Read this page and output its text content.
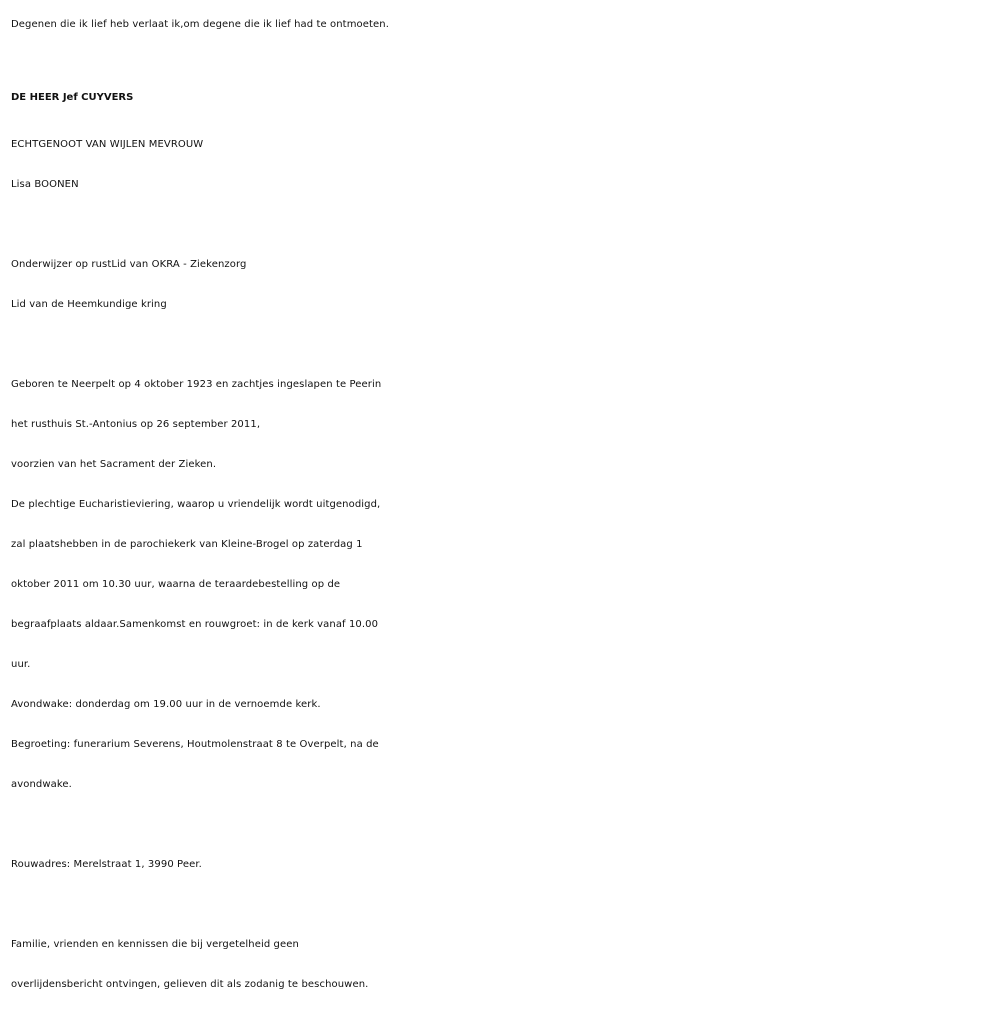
Degenen die ik lief heb verlaat ik,om degene die ik lief had te ontmoeten.
DE HEER Jef CUYVERS
ECHTGENOOT VAN WIJLEN MEVROUW
Lisa BOONEN
Onderwijzer op rustLid van OKRA - Ziekenzorg
Lid van de Heemkundige kring
Geboren te Neerpelt op 4 oktober 1923 en zachtjes ingeslapen te Peerin
het rusthuis St.-Antonius op 26 september 2011,
voorzien van het Sacrament der Zieken.
De plechtige Eucharistieviering, waarop u vriendelijk wordt uitgenodigd,
zal plaatshebben in de parochiekerk van Kleine-Brogel op zaterdag 1
oktober 2011 om 10.30 uur, waarna de teraardebestelling op de
begraafplaats aldaar.Samenkomst en rouwgroet: in de kerk vanaf 10.00
uur.
Avondwake: donderdag om 19.00 uur in de vernoemde kerk.
Begroeting: funerarium Severens, Houtmolenstraat 8 te Overpelt, na de
avondwake.
Rouwadres: Merelstraat 1, 3990 Peer.
Familie, vrienden en kennissen die bij vergetelheid geen
overlijdensbericht ontvingen, gelieven dit als zodanig te beschouwen.
